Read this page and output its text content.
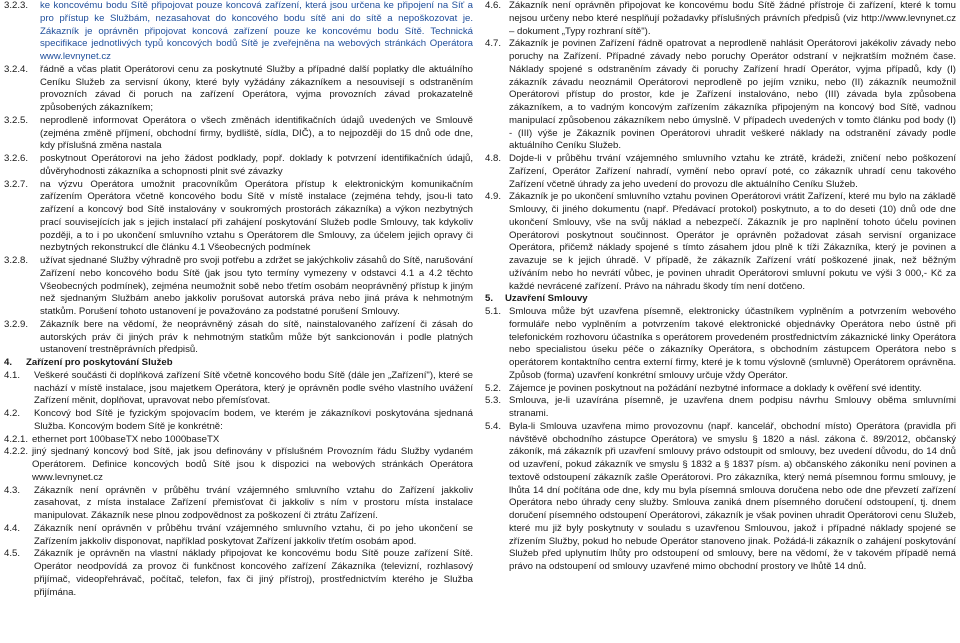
3.2.3.	ke koncovému bodu Sítě připojovat pouze koncová zařízení, která jsou určena ke připojení na Síť a pro přístup ke Službám, nezasahovat do koncového bodu sítě ani do sítě a nepoškozovat je. Zákazník je oprávněn připojovat koncová zařízení pouze ke koncovému bodu Sítě. Technická specifikace jednotlivých typů koncových bodů Sítě je zveřejněna na webových stránkách Operátora www.levnynet.cz
3.2.4.	řádně a včas platit Operátorovi cenu za poskytnuté Služby a případné další poplatky dle aktuálního Ceníku Služeb za servisní úkony, které byly vyžádány zákazníkem a nesouvisejí s odstraněním provozních závad či poruch na zařízení Operátora, vyjma provozních závad prokazatelně způsobených zákazníkem;
3.2.5.	neprodleně informovat Operátora o všech změnách identifikačních údajů uvedených ve Smlouvě (zejména změně příjmení, obchodní firmy, bydliště, sídla, DIČ), a to nejpozději do 15 dnů ode dne, kdy příslušná změna nastala
3.2.6.	poskytnout Operátorovi na jeho žádost podklady, popř. doklady k potvrzení identifikačních údajů, důvěryhodnosti zákazníka a schopnosti plnit své závazky
3.2.7.	na výzvu Operátora umožnit pracovníkům Operátora přístup k elektronickým komunikačním zařízením Operátora včetně koncového bodu Sítě v místě instalace (zejména tehdy, jsou-li tato zařízení a koncový bod Sítě instalovány v soukromých prostorách zákazníka) a výkon nezbytných prací souvisejících jak s jejich instalací při zahájení poskytování Služeb podle Smlouvy, tak kdykoliv později, a to i po ukončení smluvního vztahu s Operátorem dle Smlouvy, za účelem jejich opravy či nezbytných rekonstrukcí dle článku 4.1 Všeobecných podmínek
3.2.8.	užívat sjednané Služby výhradně pro svoji potřebu a zdržet se jakýchkoliv zásahů do Sítě, narušování Zařízení nebo koncového bodu Sítě (jak jsou tyto termíny vymezeny v odstavci 4.1 a 4.2 těchto Všeobecných podmínek), zejména neumožnit sobě nebo třetím osobám neoprávněný přístup k jiným než sjednaným Službám anebo jakkoliv porušovat autorská práva nebo jiná práva k nehmotným statkům. Porušení tohoto ustanovení je považováno za podstatné porušení Smlouvy.
3.2.9.	Zákazník bere na vědomí, že neoprávněný zásah do sítě, nainstalovaného zařízení či zásah do autorských práv či jiných práv k nehmotným statkům může být sankcionován i podle platných ustanovení trestněprávních předpisů.
4.	Zařízení pro poskytování Služeb
4.1.	Veškeré součásti či doplňková zařízení Sítě včetně koncového bodu Sítě (dále jen „Zařízení"), které se nachází v místě instalace, jsou majetkem Operátora, který je oprávněn podle svého vlastního uvážení Zařízení měnit, doplňovat, upravovat nebo přemísťovat.
4.2.	Koncový bod Sítě je fyzickým spojovacím bodem, ve kterém je zákazníkovi poskytována sjednaná Služba. Koncovým bodem Sítě je konkrétně:
4.2.1. ethernet port 100baseTX nebo 1000baseTX
4.2.2. jiný sjednaný koncový bod Sítě, jak jsou definovány v příslušném Provozním řádu Služby vydaném Operátorem. Definice koncových bodů Sítě jsou k dispozici na webových stránkách Operátora www.levnynet.cz
4.3.	Zákazník není oprávněn v průběhu trvání vzájemného smluvního vztahu do Zařízení jakkoliv zasahovat, z místa instalace Zařízení přemisťovat či jakkoliv s ním v prostoru místa instalace manipulovat. Zákazník nese plnou zodpovědnost za poškození či ztrátu Zařízení.
4.4.	Zákazník není oprávněn v průběhu trvání vzájemného smluvního vztahu, či po jeho ukončení se Zařízením jakkoliv disponovat, například poskytovat Zařízení jakkoliv třetím osobám apod.
4.5.	Zákazník je oprávněn na vlastní náklady připojovat ke koncovému bodu Sítě pouze zařízení Sítě. Operátor neodpovídá za provoz či funkčnost koncového zařízení Zákazníka (televizní, rozhlasový přijímač, videopřehrávač, počítač, telefon, fax či jiný přístroj), prostřednictvím kterého je Služba přijímána.
4.6. Zákazník není oprávněn připojovat ke koncovému bodu Sítě žádné přístroje či zařízení, které k tomu nejsou určeny nebo které nesplňují požadavky příslušných právních předpisů (viz http://www.levnynet.cz – dokument „Typy rozhraní sítě").
4.7. Zákazník je povinen Zařízení řádně opatrovat a neprodleně nahlásit Operátorovi jakékoliv závady nebo poruchy na Zařízení. Případné závady nebo poruchy Operátor odstraní v nejkratším možném čase. Náklady spojené s odstraněním závady či poruchy Zařízení hradí Operátor, vyjma případů, kdy (I) zákazník závadu neoznámil Operátorovi neprodleně po jejím vzniku, nebo (II) zákazník neumožnil Operátorovi přístup do prostor, kde je Zařízení instalováno, nebo (III) závada byla způsobena zákazníkem, a to vadným koncovým zařízením zákazníka připojeným na koncový bod Sítě, vadnou manipulací způsobenou zákazníkem nebo úmyslně. V případech uvedených v tomto článku pod body (I) - (III) výše je Zákazník povinen Operátorovi uhradit veškeré náklady na odstranění závady podle aktuálního Ceníku Služeb.
4.8. Dojde-li v průběhu trvání vzájemného smluvního vztahu ke ztrátě, krádeži, zničení nebo poškození Zařízení, Operátor Zařízení nahradí, vymění nebo opraví poté, co zákazník uhradí cenu takového Zařízení včetně úhrady za jeho uvedení do provozu dle aktuálního Ceníku Služeb.
4.9. Zákazník je po ukončení smluvního vztahu povinen Operátorovi vrátit Zařízení, které mu bylo na základě Smlouvy, či jiného dokumentu (např. Předávací protokol) poskytnuto, a to do deseti (10) dnů ode dne ukončení Smlouvy, vše na svůj náklad a nebezpečí. Zákazník je pro naplnění tohoto účelu povinen Operátorovi poskytnout součinnost. Operátor je oprávněn požadovat zásah servisní organizace Operátora, přičemž náklady spojené s tímto zásahem jdou plně k tíži Zákazníka, který je povinen a zavazuje se k jejich úhradě. V případě, že zákazník Zařízení vrátí poškozené jinak, než běžným užíváním nebo ho nevrátí vůbec, je povinen uhradit Operátorovi smluvní pokutu ve výši 3 000,- Kč za každé nevrácené zařízení. Právo na náhradu škody tím není dotčeno.
5.	Uzavření Smlouvy
5.1. Smlouva může být uzavřena písemně, elektronicky účastníkem vyplněním a potvrzením webového formuláře nebo vyplněním a potvrzením takové elektronické objednávky Operátora nebo ústně při telefonickém rozhovoru účastníka s operátorem provedeném prostřednictvím zákaznické linky Operátora nebo specialistou úseku péče o zákazníky Operátora, s obchodním zástupcem Operátora nebo s operátorem kontaktního centra externí firmy, které je k tomu výslovně (smluvně) Operátorem oprávněna. Způsob (forma) uzavření konkrétní smlouvy určuje vždy Operátor.
5.2. Zájemce je povinen poskytnout na požádání nezbytné informace a doklady k ověření své identity.
5.3. Smlouva, je-li uzavírána písemně, je uzavřena dnem podpisu návrhu Smlouvy oběma smluvními stranami.
5.4. Byla-li Smlouva uzavřena mimo provozovnu (např. kancelář, obchodní místo) Operátora (pravidla při návštěvě obchodního zástupce Operátora) ve smyslu § 1820 a násl. zákona č. 89/2012, občanský zákoník, má zákazník při uzavření smlouvy právo odstoupit od smlouvy, bez uvedení důvodu, do 14 dnů od uzavření, pokud zákazník ve smyslu § 1832 a § 1837 písm. a) občanského zákoníku není povinen a textově odstoupení zákazník zašle Operátorovi. Pro zákazníka, který nemá písemnou formu smlouvy, je lhůta 14 dní počítána ode dne, kdy mu byla písemná smlouva doručena nebo ode dne převzetí zařízení Operátora nebo úhrady ceny služby. Smlouva zaniká dnem písemného doručení odstoupení, tj. dnem doručení písemného odstoupení Operátorovi, zákazník je však povinen uhradit Operátorovi cenu Služeb, které mu již byly poskytnuty v souladu s uzavřenou Smlouvou, jakož i případné náklady spojené se zřízením Služby, pokud ho nebude Operátor stanoveno jinak. Požádá-li zákazník o zahájení poskytování Služeb před uplynutím lhůty pro odstoupení od smlouvy, bere na vědomí, že v takovém případě nemá právo na odstoupení od smlouvy uzavřené mimo obchodní prostory ve lhůtě 14 dnů.
